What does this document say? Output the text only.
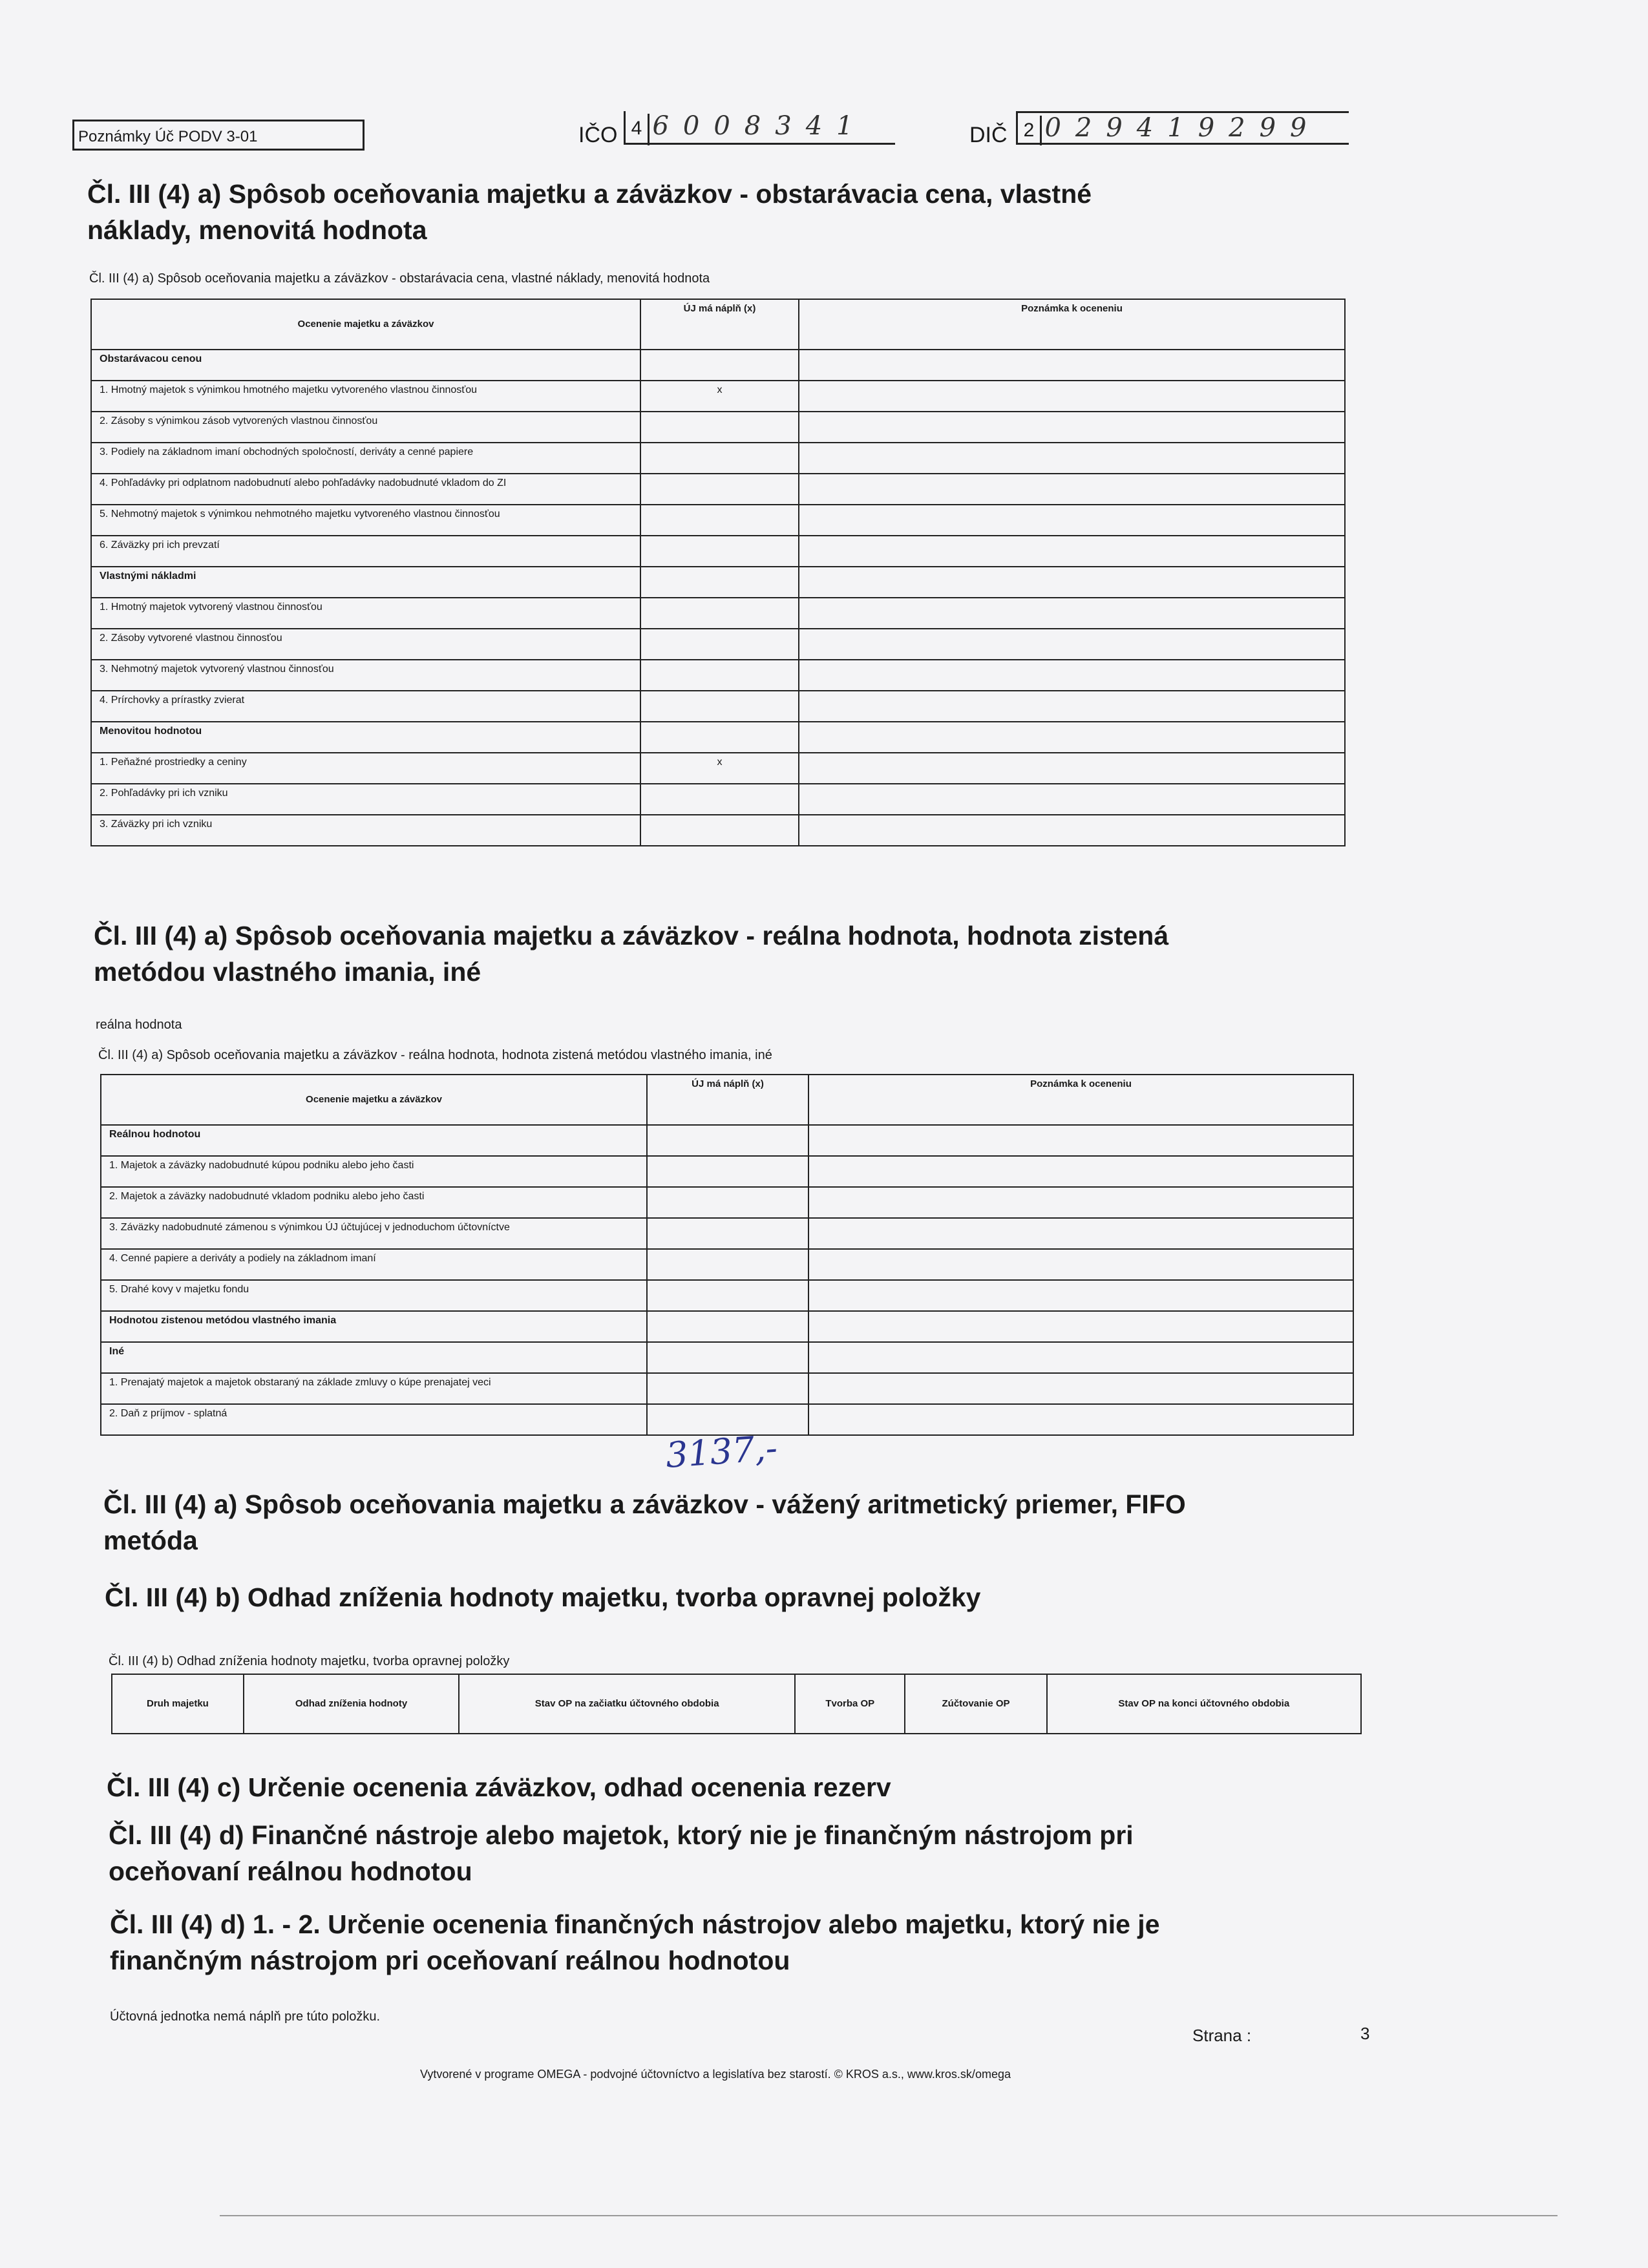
Poznámky Úč PODV 3-01	IČO 4 6008341	DIČ 2 029419299
Čl. III (4) a) Spôsob oceňovania majetku a záväzkov - obstarávacia cena, vlastné náklady, menovitá hodnota
Čl. III (4) a) Spôsob oceňovania majetku a záväzkov - obstarávacia cena, vlastné náklady, menovitá hodnota
Ocenenie majetku a záväzkov	ÚJ má náplň (x)	Poznámka k oceneniu
Obstarávacou cenou		
1. Hmotný majetok s výnimkou hmotného majetku vytvoreného vlastnou činnosťou	x	
2. Zásoby s výnimkou zásob vytvorených vlastnou činnosťou		
3. Podiely na základnom imaní obchodných spoločností, deriváty a cenné papiere		
4. Pohľadávky pri odplatnom nadobudnutí alebo pohľadávky nadobudnuté vkladom do ZI		
5. Nehmotný majetok s výnimkou nehmotného majetku vytvoreného vlastnou činnosťou		
6. Záväzky pri ich prevzatí		
Vlastnými nákladmi		
1. Hmotný majetok vytvorený vlastnou činnosťou		
2. Zásoby vytvorené vlastnou činnosťou		
3. Nehmotný majetok vytvorený vlastnou činnosťou		
4. Prírchovky a prírastky zvierat		
Menovitou hodnotou		
1. Peňažné prostriedky a ceniny	x	
2. Pohľadávky pri ich vzniku		
3. Záväzky pri ich vzniku		
Čl. III (4) a) Spôsob oceňovania majetku a záväzkov - reálna hodnota, hodnota zistená metódou vlastného imania, iné
reálna hodnota
Čl. III (4) a) Spôsob oceňovania majetku a záväzkov - reálna hodnota, hodnota zistená metódou vlastného imania, iné
Ocenenie majetku a záväzkov	ÚJ má náplň (x)	Poznámka k oceneniu
Reálnou hodnotou		
1. Majetok a záväzky nadobudnuté kúpou podniku alebo jeho časti		
2. Majetok a záväzky nadobudnuté vkladom podniku alebo jeho časti		
3. Záväzky nadobudnuté zámenou s výnimkou ÚJ účtujúcej v jednoduchom účtovníctve		
4. Cenné papiere a deriváty a podiely na základnom imaní		
5. Drahé kovy v majetku fondu		
Hodnotou zistenou metódou vlastného imania		
Iné		
1. Prenajatý majetok a majetok obstaraný na základe zmluvy o kúpe prenajatej veci		
2. Daň z príjmov - splatná		
3137,-
Čl. III (4) a) Spôsob oceňovania majetku a záväzkov - vážený aritmetický priemer, FIFO metóda
Čl. III (4) b) Odhad zníženia hodnoty majetku, tvorba opravnej položky
Čl. III (4) b) Odhad zníženia hodnoty majetku, tvorba opravnej položky
Druh majetku	Odhad zníženia hodnoty	Stav OP na začiatku účtovného obdobia	Tvorba OP	Zúčtovanie OP	Stav OP na konci účtovného obdobia
Čl. III (4) c) Určenie ocenenia záväzkov, odhad ocenenia rezerv
Čl. III (4) d) Finančné nástroje alebo majetok, ktorý nie je finančným nástrojom pri oceňovaní reálnou hodnotou
Čl. III (4) d) 1. - 2. Určenie ocenenia finančných nástrojov alebo majetku, ktorý nie je finančným nástrojom pri oceňovaní reálnou hodnotou
Účtovná jednotka nemá náplň pre túto položku.
Strana :	3
Vytvorené v programe OMEGA - podvojné účtovníctvo a legislatíva bez starostí. © KROS a.s., www.kros.sk/omega
